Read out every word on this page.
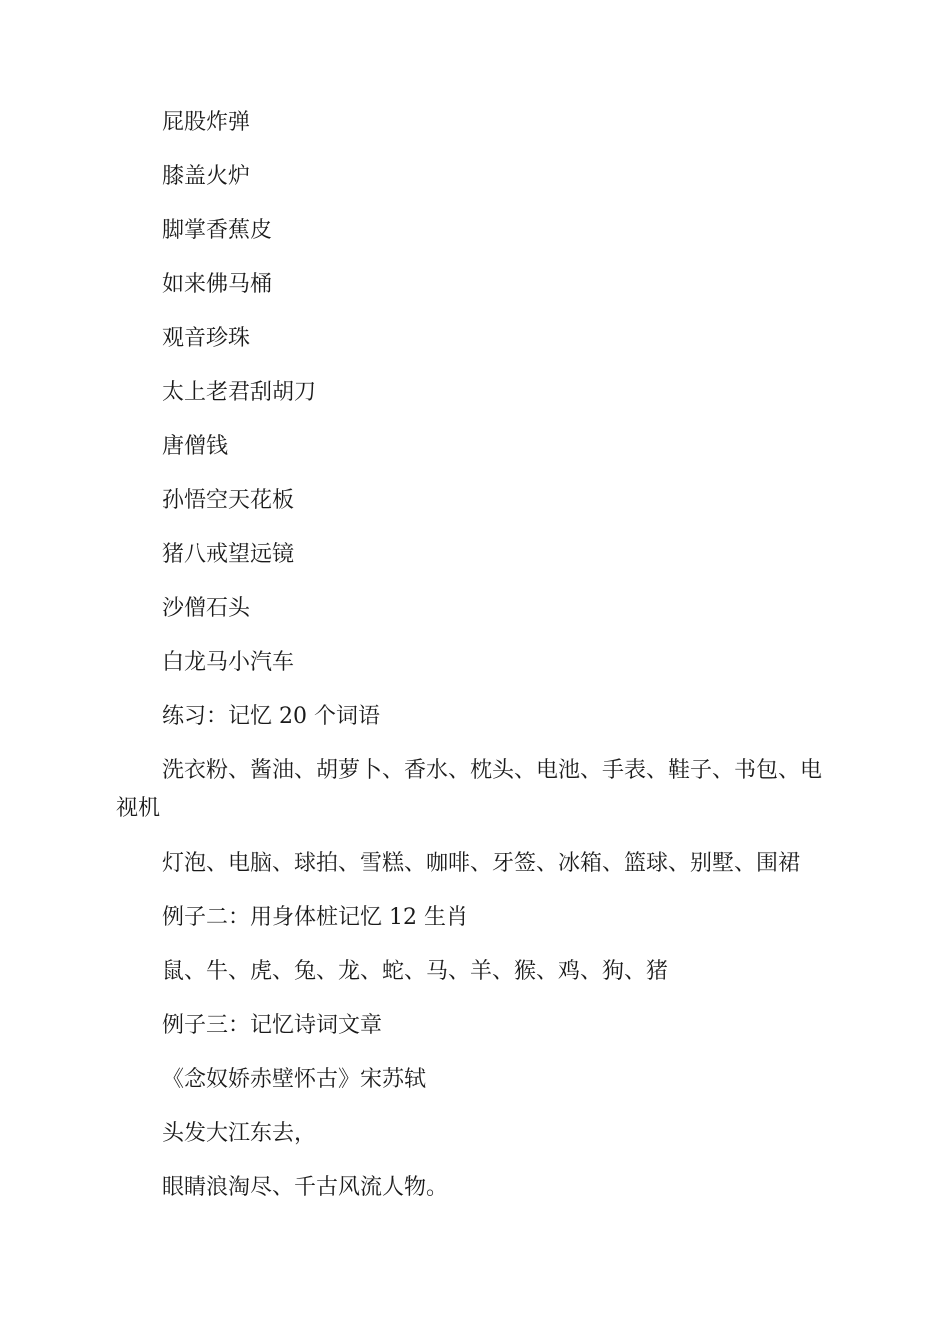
屁股炸弹

膝盖火炉

脚掌香蕉皮

如来佛马桶

观音珍珠

太上老君刮胡刀

唐僧钱

孙悟空天花板

猪八戒望远镜

沙僧石头

白龙马小汽车

练习：记忆 20 个词语

洗衣粉、酱油、胡萝卜、香水、枕头、电池、手表、鞋子、书包、电视机

灯泡、电脑、球拍、雪糕、咖啡、牙签、冰箱、篮球、别墅、围裙

例子二：用身体桩记忆 12 生肖

鼠、牛、虎、兔、龙、蛇、马、羊、猴、鸡、狗、猪

例子三：记忆诗词文章

《念奴娇赤壁怀古》宋苏轼

头发大江东去，

眼睛浪淘尽、千古风流人物。
